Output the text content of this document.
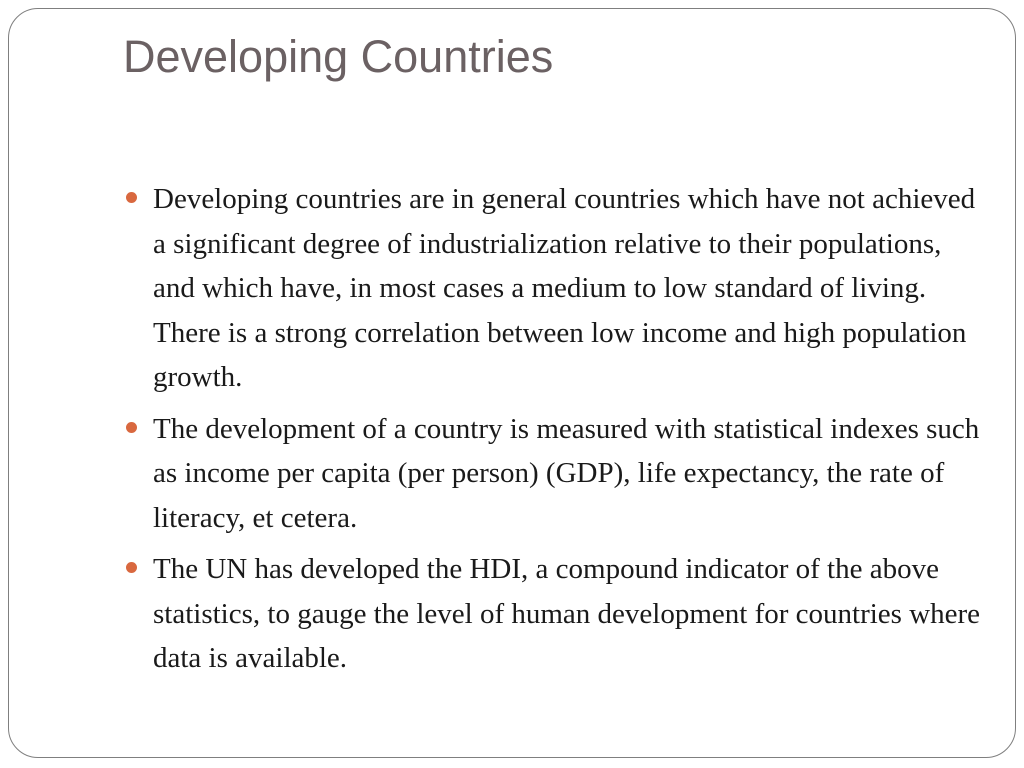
Developing Countries
Developing countries are in general countries which have not achieved a significant degree of industrialization relative to their populations, and which have, in most cases a medium to low standard of living. There is a strong correlation between low income and high population growth.
The development of a country is measured with statistical indexes such as income per capita (per person) (GDP), life expectancy, the rate of literacy, et cetera.
The UN has developed the HDI, a compound indicator of the above statistics, to gauge the level of human development for countries where data is available.
